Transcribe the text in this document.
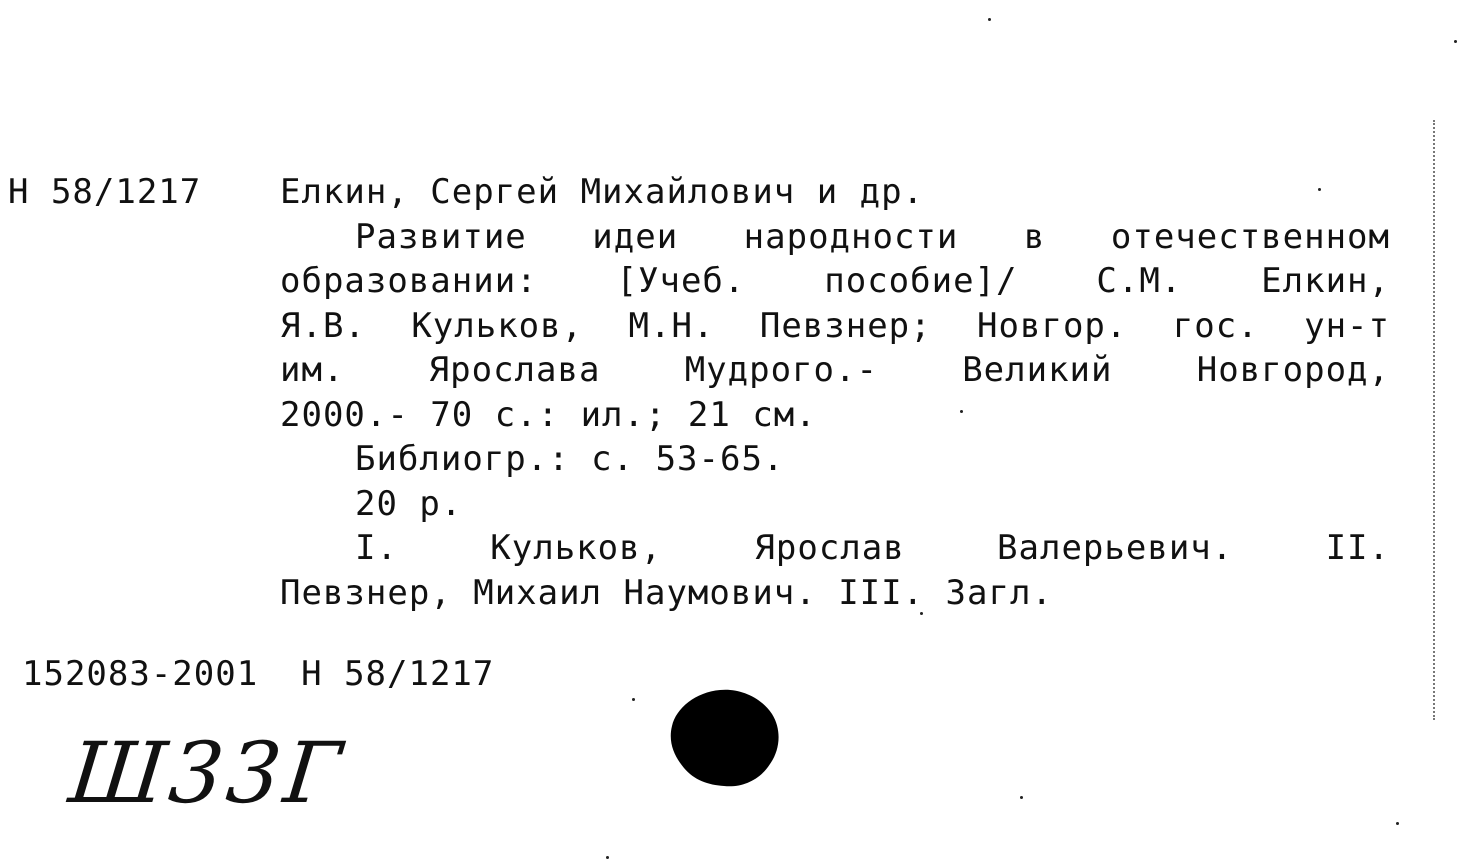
Н 58/1217 Елкин, Сергей Михайлович и др.
Развитие идеи народности в отечественном
образовании: [Учеб. пособие]/ С.М. Елкин,
Я.В. Кульков, М.Н. Певзнер; Новгор. гос. ун-т
им. Ярослава Мудрого.- Великий Новгород,
2000.- 70 с.: ил.; 21 см.
Библиогр.: с. 53-65.
20 р.
I. Кульков, Ярослав Валерьевич. II.
Певзнер, Михаил Наумович. III. Загл.
152083-2001 Н 58/1217
Ш33Г
